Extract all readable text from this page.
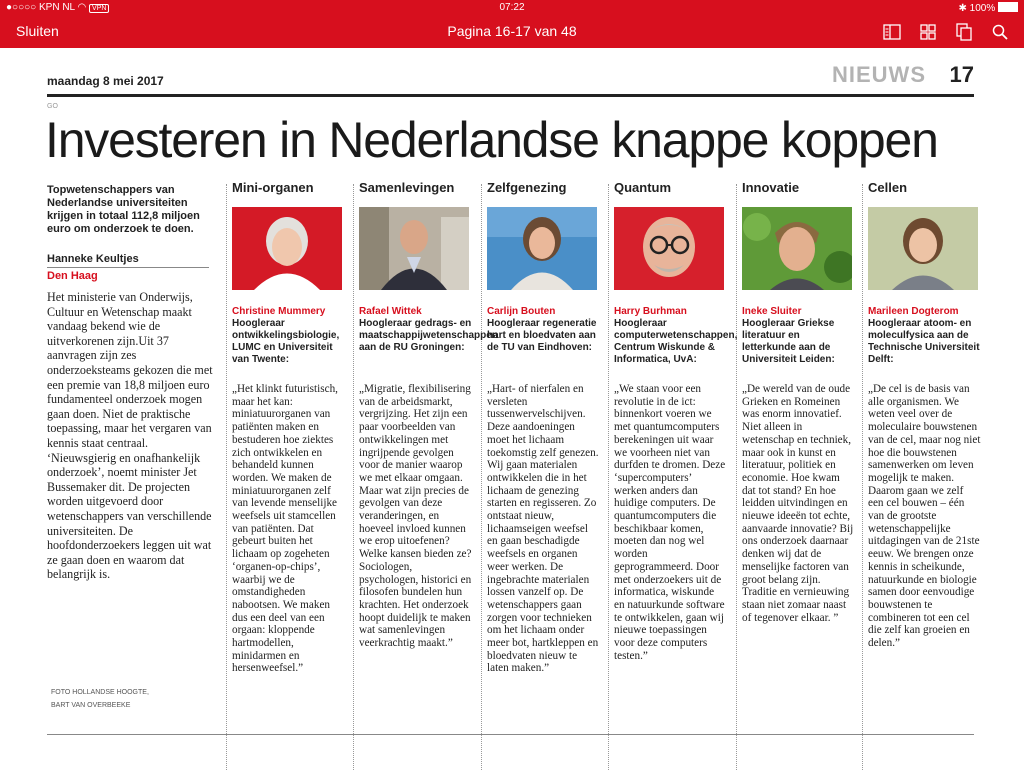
●○○○○ KPN NL ◠ VPN	07:22	✱ 100%
Sluiten	Pagina 16-17 van 48
maandag 8 mei 2017	NIEUWS 17
GO
Investeren in Nederlandse knappe koppen
Topwetenschappers van Nederlandse universiteiten krijgen in totaal 112,8 miljoen euro om onderzoek te doen.
Hanneke Keultjes
Den Haag
Het ministerie van Onderwijs, Cultuur en Wetenschap maakt vandaag bekend wie de uitverkorenen zijn.Uit 37 aanvragen zijn zes onderzoeksteams gekozen die met een premie van 18,8 miljoen euro fundamenteel onderzoek mogen gaan doen. Niet de praktische toepassing, maar het vergaren van kennis staat centraal. ‘Nieuwsgierig en onafhankelijk onderzoek’, noemt minister Jet Bussemaker dit. De projecten worden uitgevoerd door wetenschappers van verschillende universiteiten. De hoofdonderzoekers leggen uit wat ze gaan doen en waarom dat belangrijk is.
FOTO HOLLANDSE HOOGTE,
BART VAN OVERBEEKE
Mini-organen
Christine Mummery
Hoogleraar ontwikkelingsbiologie, LUMC en Universiteit van Twente:
„Het klinkt futuristisch, maar het kan: miniatuurorganen van patiënten maken en bestuderen hoe ziektes zich ontwikkelen en behandeld kunnen worden. We maken de miniatuurorganen zelf van levende menselijke weefsels uit stamcellen van patiënten. Dat gebeurt buiten het lichaam op zogeheten ‘organen-op-chips’, waarbij we de omstandigheden nabootsen. We maken dus een deel van een orgaan: kloppende hartmodellen, minidarmen en hersenweefsel.”
Samenlevingen
Rafael Wittek
Hoogleraar gedrags- en maatschappijwetenschappen aan de RU Groningen:
„Migratie, flexibilisering van de arbeidsmarkt, vergrijzing. Het zijn een paar voorbeelden van ontwikkelingen met ingrijpende gevolgen voor de manier waarop we met elkaar omgaan. Maar wat zijn precies de gevolgen van deze veranderingen, en hoeveel invloed kunnen we erop uitoefenen? Welke kansen bieden ze? Sociologen, psychologen, historici en filosofen bundelen hun krachten. Het onderzoek hoopt duidelijk te maken wat samenlevingen veerkrachtig maakt.”
Zelfgenezing
Carlijn Bouten
Hoogleraar regeneratie hart en bloedvaten aan de TU van Eindhoven:
„Hart- of nierfalen en versleten tussenwervelschijven. Deze aandoeningen moet het lichaam toekomstig zelf genezen. Wij gaan materialen ontwikkelen die in het lichaam de genezing starten en regisseren. Zo ontstaat nieuw, lichaamseigen weefsel en gaan beschadigde weefsels en organen weer werken. De ingebrachte materialen lossen vanzelf op. De wetenschappers gaan zorgen voor technieken om het lichaam onder meer bot, hartkleppen en bloedvaten nieuw te laten maken.”
Quantum
Harry Burhman
Hoogleraar computerwetenschappen, Centrum Wiskunde & Informatica, UvA:
„We staan voor een revolutie in de ict: binnenkort voeren we met quantumcomputers berekeningen uit waar we voorheen niet van durfden te dromen. Deze ‘supercomputers’ werken anders dan huidige computers. De quantumcomputers die beschikbaar komen, moeten dan nog wel worden geprogrammeerd. Door met onderzoekers uit de informatica, wiskunde en natuurkunde software te ontwikkelen, gaan wij nieuwe toepassingen voor deze computers testen.”
Innovatie
Ineke Sluiter
Hoogleraar Griekse literatuur en letterkunde aan de Universiteit Leiden:
„De wereld van de oude Grieken en Romeinen was enorm innovatief. Niet alleen in wetenschap en techniek, maar ook in kunst en literatuur, politiek en economie. Hoe kwam dat tot stand? En hoe leidden uitvindingen en nieuwe ideeën tot echte, aanvaarde innovatie? Bij ons onderzoek daarnaar denken wij dat de menselijke factoren van groot belang zijn. Traditie en vernieuwing staan niet zomaar naast of tegenover elkaar. ”
Cellen
Marileen Dogterom
Hoogleraar atoom- en moleculfysica aan de Technische Universiteit Delft:
„De cel is de basis van alle organismen. We weten veel over de moleculaire bouwstenen van de cel, maar nog niet hoe die bouwstenen samenwerken om leven mogelijk te maken. Daarom gaan we zelf een cel bouwen – één van de grootste wetenschappelijke uitdagingen van de 21ste eeuw. We brengen onze kennis in scheikunde, natuurkunde en biologie samen door eenvoudige bouwstenen te combineren tot een cel die zelf kan groeien en delen.”
